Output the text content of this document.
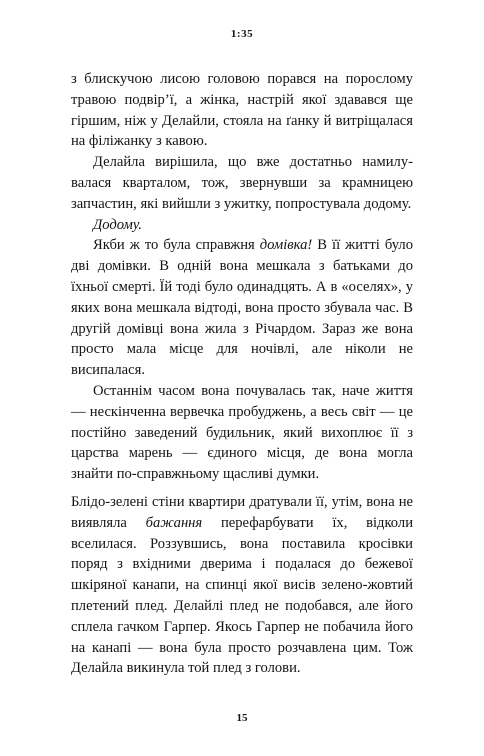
1:35

з блискучою лисою головою порався на порослому травою подвір’ї, а жінка, настрій якої здавався ще гіршим, ніж у Делайли, стояла на ґанку й витріщалася на філіжанку з кавою.

Делайла вирішила, що вже достатньо намилувалася кварталом, тож, звернувши за крамницею запчастин, які вийшли з ужитку, попростувала додому.

Додому.

Якби ж то була справжня домівка! В її житті було дві домівки. В одній вона мешкала з батьками до їхньої смерті. Їй тоді було одинадцять. А в «оселях», у яких вона мешкала відтоді, вона просто збувала час. В другій домівці вона жила з Річардом. Зараз же вона просто мала місце для ночівлі, але ніколи не висипалася.

Останнім часом вона почувалась так, наче життя — нескінченна вервечка пробуджень, а весь світ — це постійно заведений будильник, який вихоплює її з царства марень — єдиного місця, де вона могла знайти по-справжньому щасливі думки.

Блідо-зелені стіни квартири дратували її, утім, вона не виявляла бажання перефарбувати їх, відколи вселилася. Роззувшись, вона поставила кросівки поряд з вхідними дверима і подалася до бежевої шкіряної канапи, на спинці якої висів зелено-жовтий плетений плед. Делайлі плед не подобався, але його сплела гачком Гарпер. Якось Гарпер не побачила його на канапі — вона була просто розчавлена цим. Тож Делайла викинула той плед з голови.

15
